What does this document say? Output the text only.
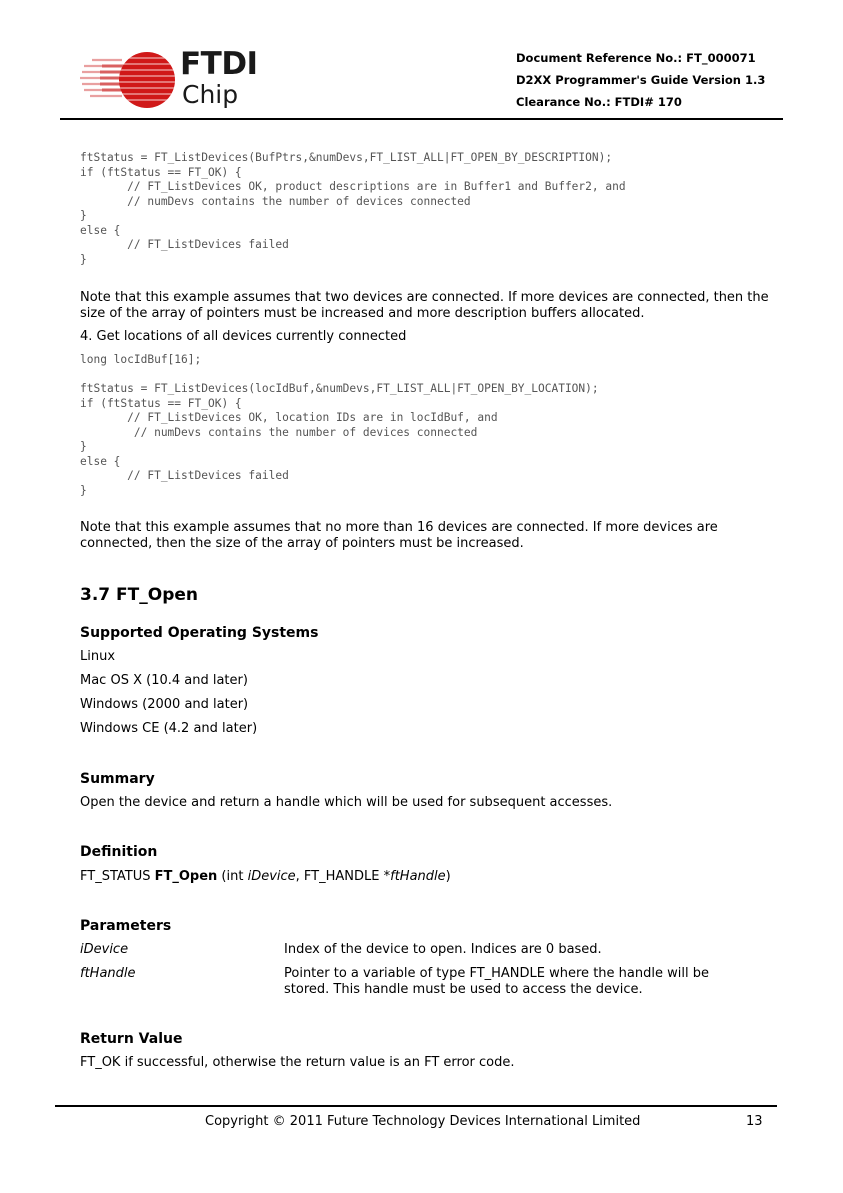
FTDI
Chip
Document Reference No.: FT_000071
D2XX Programmer's Guide Version 1.3
Clearance No.: FTDI# 170
ftStatus = FT_ListDevices(BufPtrs,&numDevs,FT_LIST_ALL|FT_OPEN_BY_DESCRIPTION);
if (ftStatus == FT_OK) {
// FT_ListDevices OK, product descriptions are in Buffer1 and Buffer2, and
// numDevs contains the number of devices connected
}
else {
// FT_ListDevices failed
}
Note that this example assumes that two devices are connected. If more devices are connected, then the size of the array of pointers must be increased and more description buffers allocated.
4. Get locations of all devices currently connected
long locIdBuf[16];

ftStatus = FT_ListDevices(locIdBuf,&numDevs,FT_LIST_ALL|FT_OPEN_BY_LOCATION);
if (ftStatus == FT_OK) {
// FT_ListDevices OK, location IDs are in locIdBuf, and
// numDevs contains the number of devices connected
}
else {
// FT_ListDevices failed
}
Note that this example assumes that no more than 16 devices are connected. If more devices are connected, then the size of the array of pointers must be increased.
3.7 FT_Open
Supported Operating Systems
Linux
Mac OS X (10.4 and later)
Windows (2000 and later)
Windows CE (4.2 and later)
Summary
Open the device and return a handle which will be used for subsequent accesses.
Definition
FT_STATUS FT_Open (int iDevice, FT_HANDLE *ftHandle)
Parameters
iDevice	Index of the device to open. Indices are 0 based.
ftHandle	Pointer to a variable of type FT_HANDLE where the handle will be stored. This handle must be used to access the device.
Return Value
FT_OK if successful, otherwise the return value is an FT error code.
Copyright © 2011 Future Technology Devices International Limited	13
